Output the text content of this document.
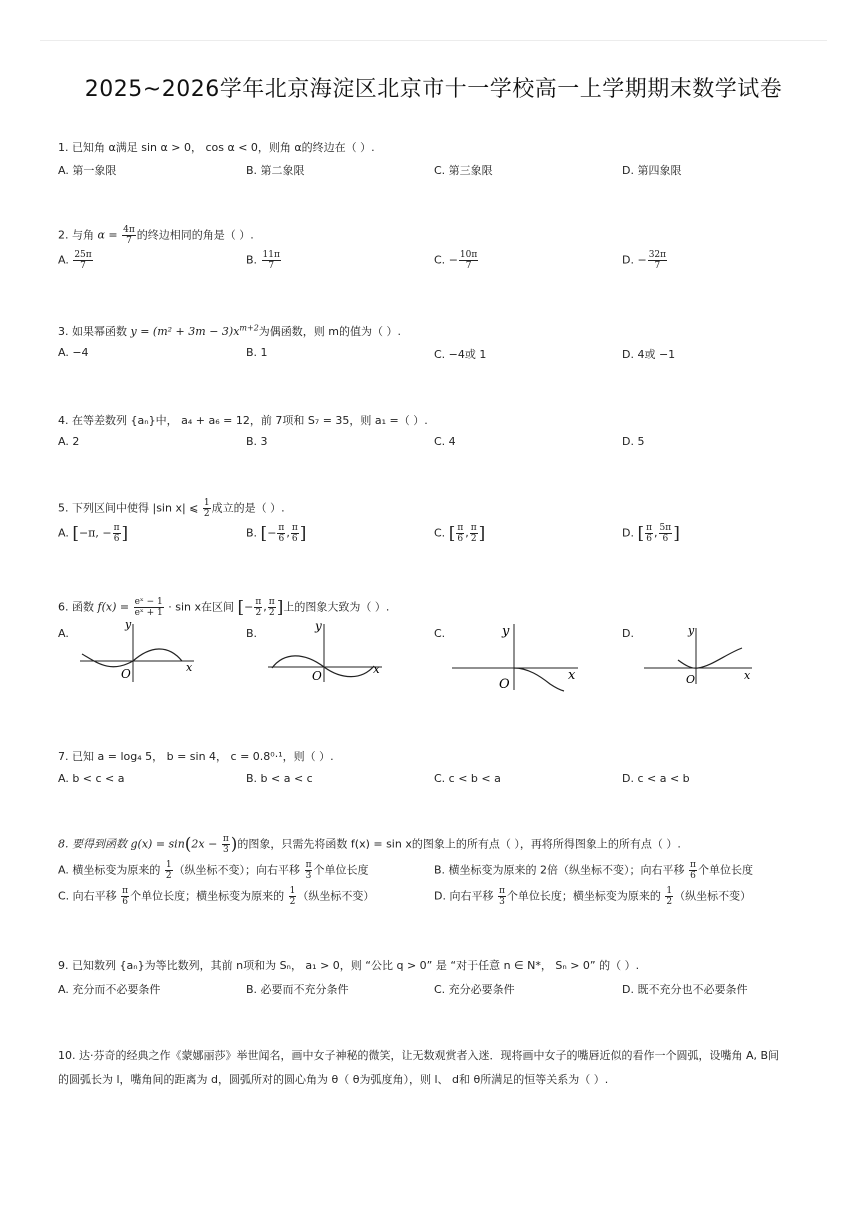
2025~2026学年北京海淀区北京市十一学校高一上学期期末数学试卷
1. 已知角 α满足 sin α > 0， cos α < 0，则角 α的终边在（ ）.
A. 第一象限	B. 第二象限	C. 第三象限	D. 第四象限
2. 与角 $\alpha = \frac{4\pi}{7}$ 的终边相同的角是（ ）.
A. $\frac{25\pi}{7}$	B. $\frac{11\pi}{7}$	C. − $\frac{10\pi}{7}$	D. − $\frac{32\pi}{7}$
3. 如果幂函数 $y = (m^2 + 3m - 3)x^{m+2}$为偶函数，则 m的值为（ ）.
A. −4	B. 1	C. −4或 1	D. 4或 −1
4. 在等差数列 {aₙ}中， a₄ + a₆ = 12，前 7项和 S₇ = 35，则 a₁ =（ ）.
A. 2	B. 3	C. 4	D. 5
5. 下列区间中使得 |sin x| ⩽ $\frac{1}{2}$ 成立的是（ ）.
A. [−π, − $\frac{\pi}{6}$ ]	B. [− $\frac{\pi}{6}$ , $\frac{\pi}{6}$ ]	C. [ $\frac{\pi}{6}$ , $\frac{\pi}{2}$ ]	D. [ $\frac{\pi}{6}$ , $\frac{5\pi}{6}$ ]
6. 函数 $f(x) = \frac{\text{eˣ − 1}}{\text{eˣ + 1}} \cdot \sin x$在区间 [− $\frac{\pi}{2}$ , $\frac{\pi}{2}$ ]上的图象大致为（ ）.
A.	B.	C.	D.
y
x
O
y
x
O
y
x
O
y
x
O
7. 已知 a = log₄ 5， b = sin 4， c = 0.8⁰·¹，则（ ）.
A. b < c < a	B. b < a < c	C. c < b < a	D. c < a < b
8. 要得到函数 $g(x) = \sin(2x - \frac{\pi}{3}$ )的图象，只需先将函数 f(x) = sin x的图象上的所有点（ ），再将所得图象上的所有点（ ）.
A. 横坐标变为原来的 $\frac{1}{2}$ （纵坐标不变）；向右平移 $\frac{\pi}{3}$ 个单位长度	B. 横坐标变为原来的 2倍（纵坐标不变）；向右平移 $\frac{\pi}{6}$ 个单位长度
C. 向右平移 $\frac{\pi}{6}$ 个单位长度；横坐标变为原来的 $\frac{1}{2}$ （纵坐标不变）	D. 向右平移 $\frac{\pi}{3}$ 个单位长度；横坐标变为原来的 $\frac{1}{2}$ （纵坐标不变）
9. 已知数列 {aₙ}为等比数列，其前 n项和为 Sₙ， a₁ > 0，则 “公比 q > 0” 是 “对于任意 n ∈ N*， Sₙ > 0” 的（ ）.
A. 充分而不必要条件	B. 必要而不充分条件	C. 充分必要条件	D. 既不充分也不必要条件
10. 达·芬奇的经典之作《蒙娜丽莎》举世闻名，画中女子神秘的微笑，让无数观赏者入迷．现将画中女子的嘴唇近似的看作一个圆弧，设嘴角 A, B间
的圆弧长为 l，嘴角间的距离为 d，圆弧所对的圆心角为 θ（ θ为弧度角），则 l、 d和 θ所满足的恒等关系为（ ）.
